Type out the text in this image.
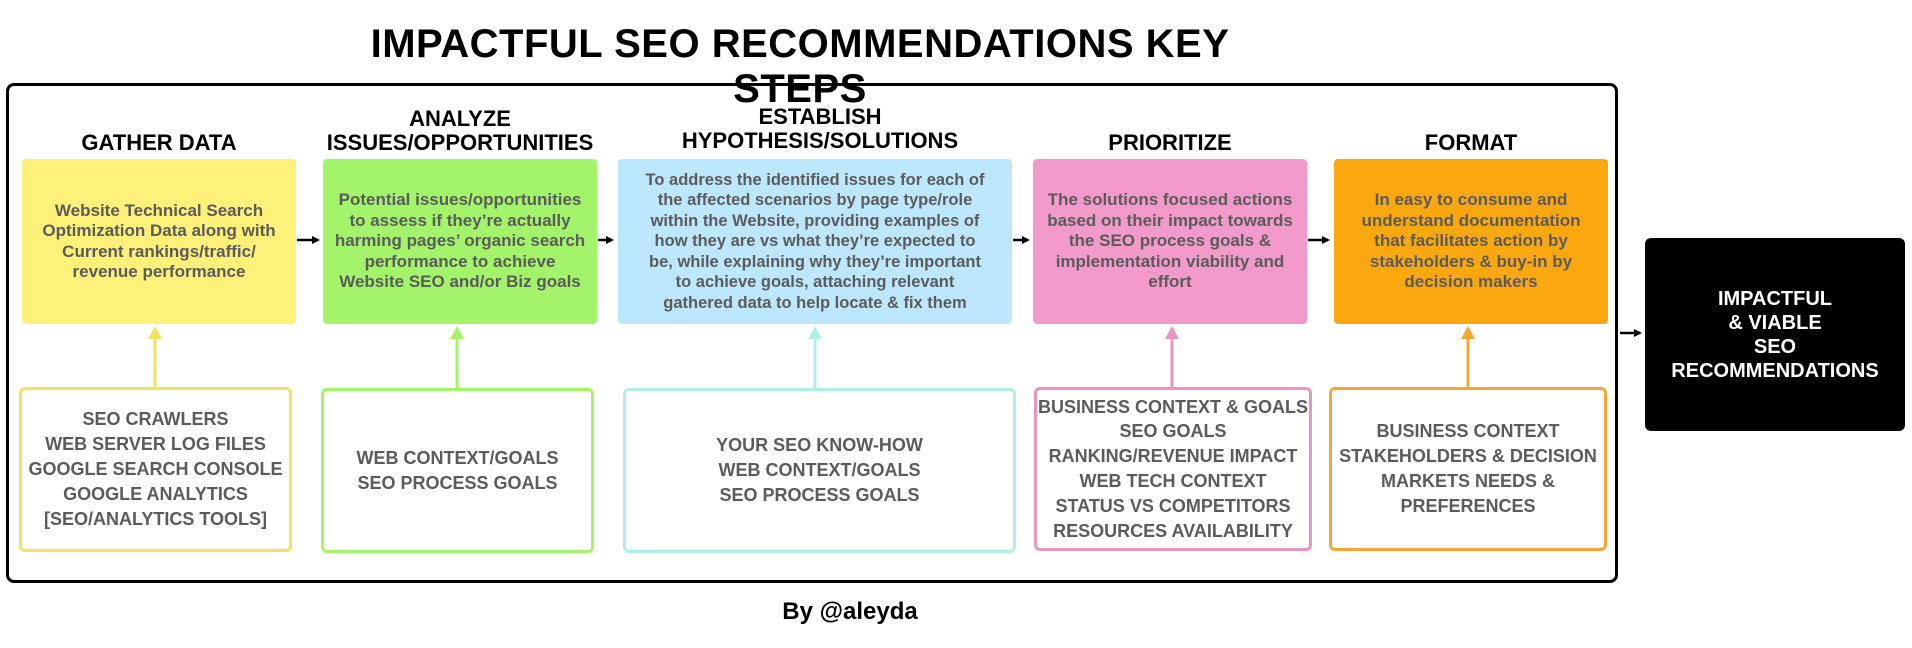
IMPACTFUL SEO RECOMMENDATIONS KEY STEPS
GATHER DATA
ANALYZE ISSUES/OPPORTUNITIES
ESTABLISH HYPOTHESIS/SOLUTIONS	PRIORITIZE	FORMAT
Website Technical Search
Optimization Data along with
Current rankings/traffic/
revenue performance
Potential issues/opportunities
to assess if they’re actually
harming pages’ organic search
performance to achieve
Website SEO and/or Biz goals
To address the identified issues for each of
the affected scenarios by page type/role
within the Website, providing examples of
how they are vs what they’re expected to
be, while explaining why they’re important
to achieve goals, attaching relevant
gathered data to help locate & fix them
The solutions focused actions
based on their impact towards
the SEO process goals &
implementation viability and
effort
In easy to consume and
understand documentation
that facilitates action by
stakeholders & buy-in by
decision makers
SEO CRAWLERS
WEB SERVER LOG FILES
GOOGLE SEARCH CONSOLE
GOOGLE ANALYTICS
[SEO/ANALYTICS TOOLS]
WEB CONTEXT/GOALS
SEO PROCESS GOALS
YOUR SEO KNOW-HOW
WEB CONTEXT/GOALS
SEO PROCESS GOALS
BUSINESS CONTEXT & GOALS
SEO GOALS
RANKING/REVENUE IMPACT
WEB TECH CONTEXT
STATUS VS COMPETITORS
RESOURCES AVAILABILITY
BUSINESS CONTEXT
STAKEHOLDERS & DECISION
MARKETS NEEDS &
PREFERENCES
IMPACTFUL
& VIABLE
SEO
RECOMMENDATIONS
By @aleyda
